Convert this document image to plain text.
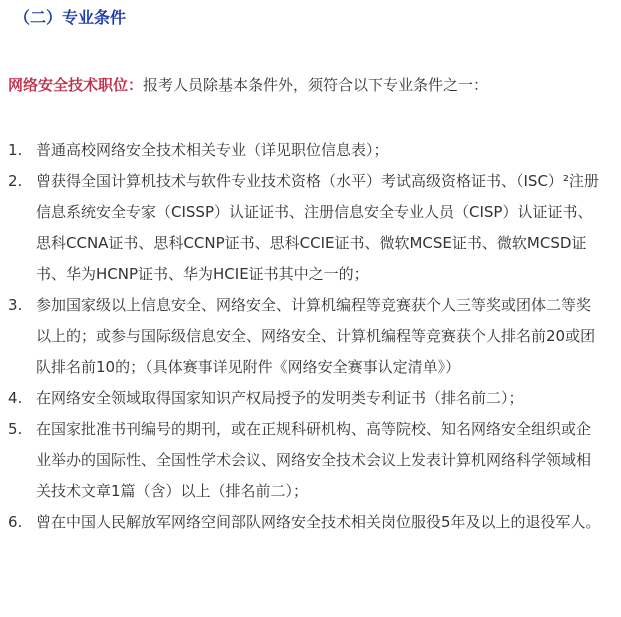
（二）专业条件
网络安全技术职位：报考人员除基本条件外，须符合以下专业条件之一：
1. 普通高校网络安全技术相关专业（详见职位信息表）；
2. 曾获得全国计算机技术与软件专业技术资格（水平）考试高级资格证书、（ISC）²注册信息系统安全专家（CISSP）认证证书、注册信息安全专业人员（CISP）认证证书、思科CCNA证书、思科CCNP证书、思科CCIE证书、微软MCSE证书、微软MCSD证书、华为HCNP证书、华为HCIE证书其中之一的；
3. 参加国家级以上信息安全、网络安全、计算机编程等竞赛获个人三等奖或团体二等奖以上的；或参与国际级信息安全、网络安全、计算机编程等竞赛获个人排名前20或团队排名前10的；（具体赛事详见附件《网络安全赛事认定清单》）
4. 在网络安全领域取得国家知识产权局授予的发明类专利证书（排名前二）；
5. 在国家批准书刊编号的期刊，或在正规科研机构、高等院校、知名网络安全组织或企业举办的国际性、全国性学术会议、网络安全技术会议上发表计算机网络科学领域相关技术文章1篇（含）以上（排名前二）；
6. 曾在中国人民解放军网络空间部队网络安全技术相关岗位服役5年及以上的退役军人。
